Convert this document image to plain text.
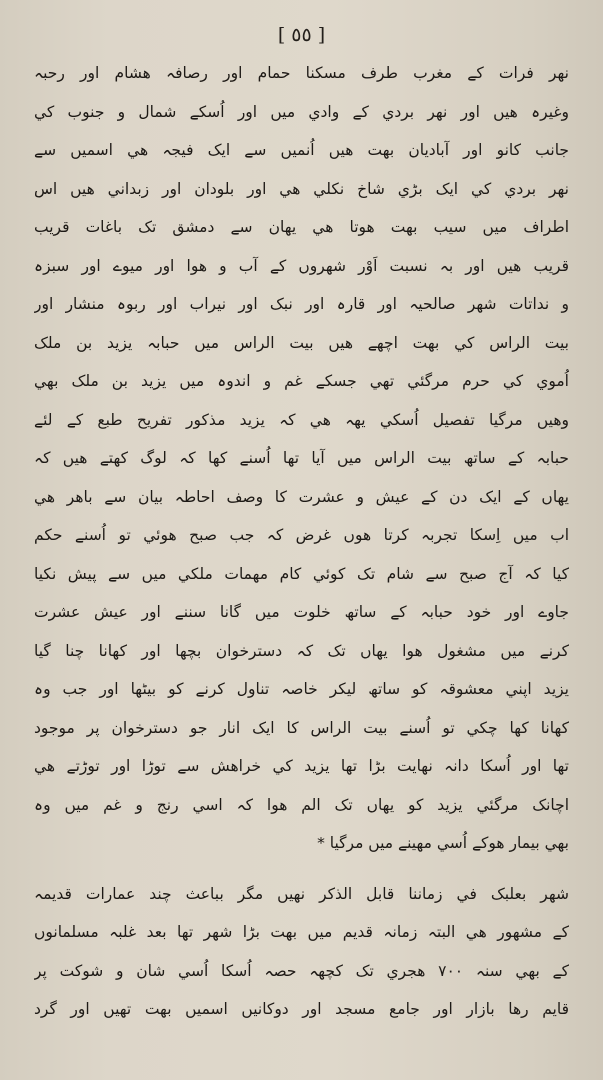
[ ٥٥ ]
نهر فرات کے مغرب طرف مسکنا حمام اور رصافہ هشام اور رحبہ
وغيرہ هيں اور نهر بردي کے وادي ميں اور اُسکے شمال و جنوب کي
جانب کانو اور آباديان بهت هيں اُنميں سے ايک فيجہ هي اسميں سے
نهر بردي کي ايک بڑي شاخ نکلي هي اور بلودان اور زبداني هيں اس
اطراف ميں سيب بهت هوتا هي يهان سے دمشق تک باغات قريب
قريب هيں اور بہ نسبت اَوْر شهروں کے آب و هوا اور ميوے اور سبزہ
و نداتات شهر صالحيہ اور قارہ اور نبک اور نيراب اور ربوہ منشار اور
بيت الراس کي بهت اچھے هيں بيت الراس ميں حبابہ يزيد بن ملک
اُموي کي حرم مرگئي تهي جسکے غم و اندوہ ميں يزيد بن ملک بهي
وهيں مرگيا تفصيل اُسکي يهہ هي کہ يزيد مذکور تفريح طبع کے لئے
حبابہ کے ساتھ بيت الراس ميں آيا تها اُسنے کها کہ لوگ کهتے هيں کہ
يهاں کے ايک دن کے عيش و عشرت کا وصف احاطہ بيان سے باهر هي
اب ميں اِسکا تجربہ کرتا هوں غرض کہ جب صبح هوئي تو اُسنے حکم
کيا کہ آج صبح سے شام تک کوئي کام مهمات ملکي ميں سے پيش نکيا
جاوے اور خود حبابہ کے ساتھ خلوت ميں گانا سننے اور عيش عشرت
کرنے ميں مشغول هوا يهاں تک کہ دسترخوان بچھا اور کهانا چنا گيا
يزيد اپني معشوقہ کو ساتھ ليکر خاصہ تناول کرنے کو بيٹھا اور جب وہ
کهانا کها چکي تو اُسنے بيت الراس کا ايک انار جو دسترخوان پر موجود
تها اور اُسکا دانہ نهايت بڑا تها يزيد کي خراهش سے توڑا اور توڑتے هي
اچانک مرگئي يزيد کو يهاں تک الم هوا کہ اسي رنج و غم ميں وہ
بهي بيمار هوکے اُسي مهينے ميں مرگيا *
شهر بعلبک في زماننا قابل الذکر نهيں مگر بباعث چند عمارات قديمہ
کے مشهور هي البتہ زمانہ قديم ميں بهت بڑا شهر تها بعد غلبہ مسلمانوں
کے بهي سنہ ٧٠٠ هجري تک کچھہ حصہ اُسکا اُسي شان و شوکت پر
قايم رها بازار اور جامع مسجد اور دوکانيں اسميں بهت تهيں اور گرد
